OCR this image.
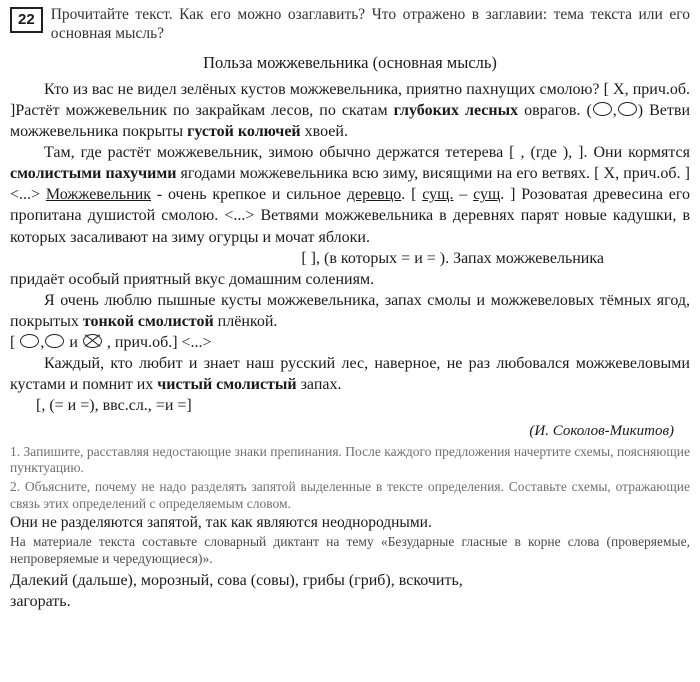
22	Прочитайте текст. Как его можно озаглавить? Что отражено в заглавии: тема текста или его основная мысль?
Польза можжевельника (основная мысль)

Кто из вас не видел зелёных кустов можжевельника, приятно пахнущих смолою? [ Х, прич.об. ]Растёт можжевельник по закрайкам лесов, по скатам глубоких лесных оврагов. ( , ) Ветви можжевельника покрыты густой колючей хвоей.

Там, где растёт можжевельник, зимою обычно держатся тетерева [ , (где ), ]. Они кормятся смолистыми пахучими ягодами можжевельника всю зиму, висящими на его ветвях. [ Х, прич.об. ]<...> Можжевельник - очень крепкое и сильное деревцо. [ сущ. – сущ. ] Розоватая древесина его пропитана душистой смолою. <...> Ветвями можжевельника в деревнях парят новые кадушки, в которых засаливают на зиму огурцы и мочат яблоки.

[ ], (в которых = и = ). Запах можжевельника

придаёт особый приятный вкус домашним солениям.

Я очень люблю пышные кусты можжевельника, запах смолы и можжевеловых тёмных ягод, покрытых тонкой смолистой плёнкой.

[ , и  , прич.об.] <...>

Каждый, кто любит и знает наш русский лес, наверное, не раз любовался можжевеловыми кустами и помнит их чистый смолистый запах.

[, (= и =), ввс.сл., =и =]
(И. Соколов-Микитов)
1. Запишите, расставляя недостающие знаки препинания. После каждого предложения начертите схемы, поясняющие пунктуацию.
2. Объясните, почему не надо разделять запятой выделенные в тексте определения. Составьте схемы, отражающие связь этих определений с определяемым словом.
Они не разделяются запятой, так как являются неоднородными.
На материале текста составьте словарный диктант на тему «Безударные гласные в корне слова (проверяемые, непроверяемые и чередующиеся)».
Далекий (дальше), морозный, сова (совы), грибы (гриб), вскочить,
загорать.
